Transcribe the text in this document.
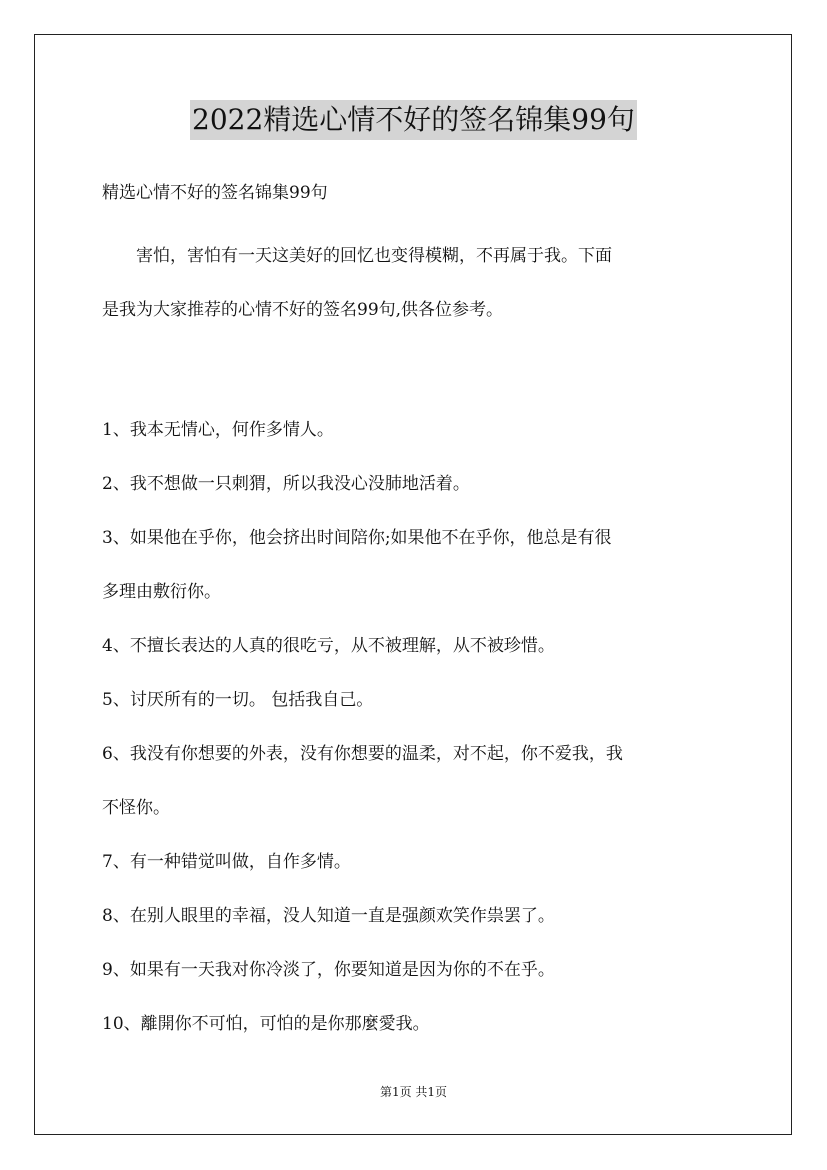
2022精选心情不好的签名锦集99句

精选心情不好的签名锦集99句

害怕，害怕有一天这美好的回忆也变得模糊，不再属于我。下面

是我为大家推荐的心情不好的签名99句,供各位参考。

1、我本无情心，何作多情人。

2、我不想做一只刺猬，所以我没心没肺地活着。

3、如果他在乎你，他会挤出时间陪你;如果他不在乎你，他总是有很

多理由敷衍你。

4、不擅长表达的人真的很吃亏，从不被理解，从不被珍惜。

5、讨厌所有的一切。 包括我自己。

6、我没有你想要的外表，没有你想要的温柔，对不起，你不爱我，我

不怪你。

7、有一种错觉叫做，自作多情。

8、在别人眼里的幸福，没人知道一直是强颜欢笑作祟罢了。

9、如果有一天我对你冷淡了，你要知道是因为你的不在乎。

10、離開你不可怕，可怕的是你那麼愛我。

第1页 共1页
